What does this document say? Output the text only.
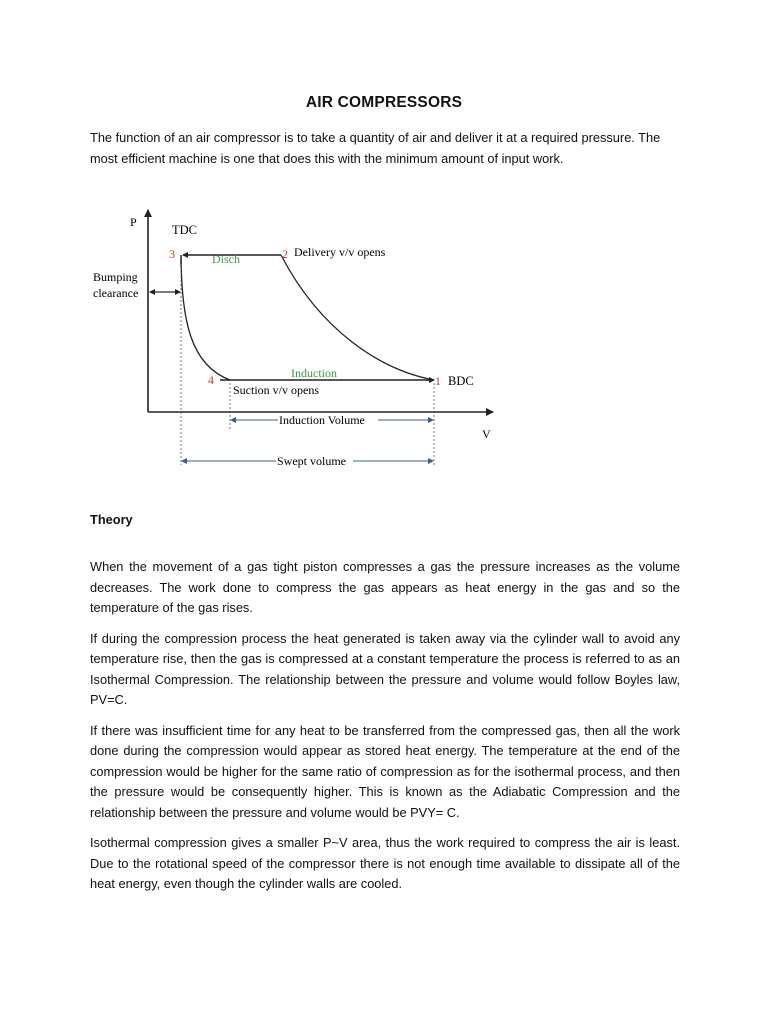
AIR COMPRESSORS
The function of an air compressor is to take a quantity of air and deliver it at a required pressure. The most efficient machine is one that does this with the minimum amount of input work.
P
V
TDC
BDC
3	2
4	1
Disch	Delivery v/v opens
Induction
Suction v/v opens
Bumping
clearance
Induction Volume
Swept volume
Theory

When the movement of a gas tight piston compresses a gas the pressure increases as the volume decreases. The work done to compress the gas appears as heat energy in the gas and so the temperature of the gas rises.

If during the compression process the heat generated is taken away via the cylinder wall to avoid any temperature rise, then the gas is compressed at a constant temperature the process is referred to as an Isothermal Compression. The relationship between the pressure and volume would follow Boyles law, PV=C.

If there was insufficient time for any heat to be transferred from the compressed gas, then all the work done during the compression would appear as stored heat energy. The temperature at the end of the compression would be higher for the same ratio of compression as for the isothermal process, and then the pressure would be consequently higher. This is known as the Adiabatic Compression and the relationship between the pressure and volume would be PVY= C.

Isothermal compression gives a smaller P~V area, thus the work required to compress the air is least. Due to the rotational speed of the compressor there is not enough time available to dissipate all of the heat energy, even though the cylinder walls are cooled.
